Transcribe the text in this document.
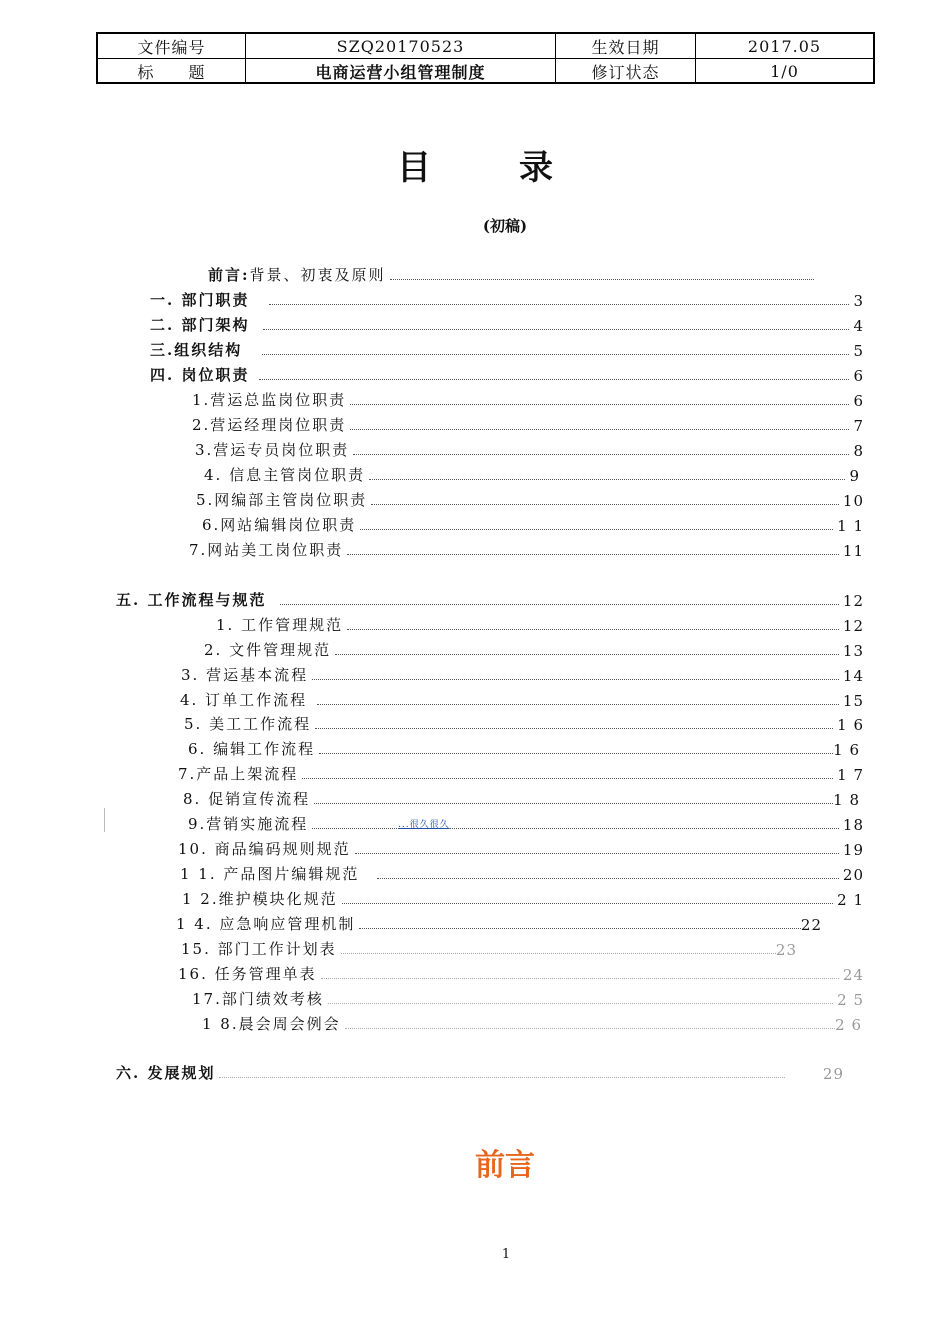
文件编号	SZQ20170523	生效日期	2017.05
标　　题	电商运营小组管理制度	修订状态	1/0
目	录
(初稿)
前言:背景、初衷及原则
一. 部门职责	3
二. 部门架构	4
三.组织结构	5
四. 岗位职责	6
1.营运总监岗位职责	6
2.营运经理岗位职责	7
3.营运专员岗位职责	8
4. 信息主管岗位职责	9
5.网编部主管岗位职责	10
6.网站编辑岗位职责	1 1
7.网站美工岗位职责	11
五. 工作流程与规范	12
1. 工作管理规范	12
2. 文件管理规范	13
3. 营运基本流程	14
4. 订单工作流程	15
5. 美工工作流程	1 6
6. 编辑工作流程	1 6
7.产品上架流程	1 7
8. 促销宣传流程	1 8
9.营销实施流程	18
...很久很久
10. 商品编码规则规范	19
1 1. 产品图片编辑规范	20
1 2.维护模块化规范	2 1
1 4. 应急响应管理机制	22
15. 部门工作计划表	23
16. 任务管理单表	24
17.部门绩效考核	2 5
1 8.晨会周会例会	2 6
六. 发展规划	29
前言
1
